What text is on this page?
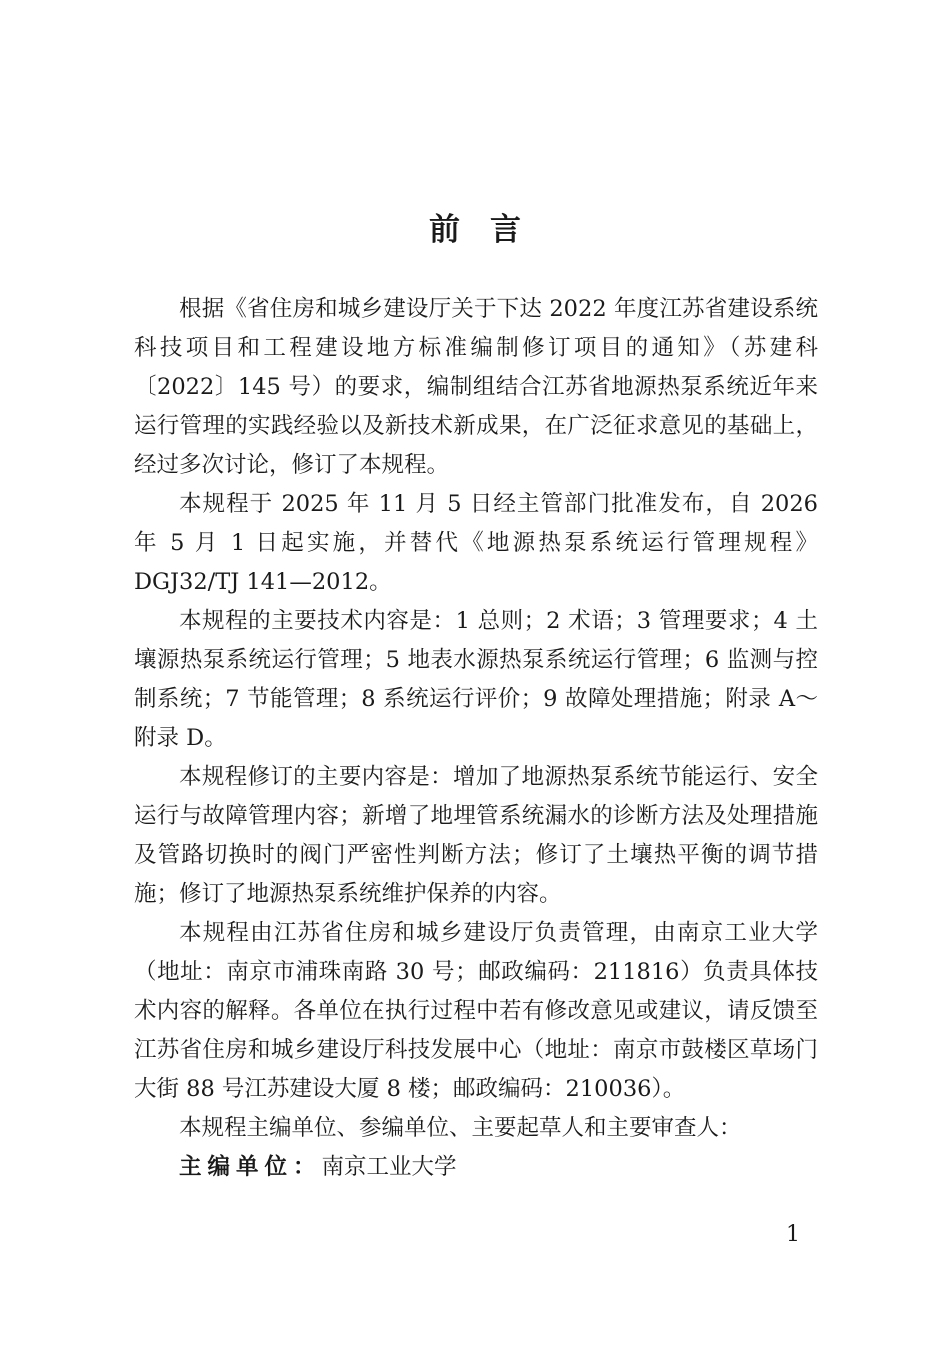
前言

根据《省住房和城乡建设厅关于下达 2022 年度江苏省建设系统科技项目和工程建设地方标准编制修订项目的通知》（苏建科〔2022〕145 号）的要求，编制组结合江苏省地源热泵系统近年来运行管理的实践经验以及新技术新成果，在广泛征求意见的基础上，经过多次讨论，修订了本规程。

本规程于 2025 年 11 月 5 日经主管部门批准发布，自 2026 年 5 月 1 日起实施，并替代《地源热泵系统运行管理规程》DGJ32/TJ 141—2012。

本规程的主要技术内容是：1 总则；2 术语；3 管理要求；4 土壤源热泵系统运行管理；5 地表水源热泵系统运行管理；6 监测与控制系统；7 节能管理；8 系统运行评价；9 故障处理措施；附录 A～附录 D。

本规程修订的主要内容是：增加了地源热泵系统节能运行、安全运行与故障管理内容；新增了地埋管系统漏水的诊断方法及处理措施及管路切换时的阀门严密性判断方法；修订了土壤热平衡的调节措施；修订了地源热泵系统维护保养的内容。

本规程由江苏省住房和城乡建设厅负责管理，由南京工业大学（地址：南京市浦珠南路 30 号；邮政编码：211816）负责具体技术内容的解释。各单位在执行过程中若有修改意见或建议，请反馈至江苏省住房和城乡建设厅科技发展中心（地址：南京市鼓楼区草场门大街 88 号江苏建设大厦 8 楼；邮政编码：210036）。

本规程主编单位、参编单位、主要起草人和主要审查人：

主编单位：南京工业大学

1
